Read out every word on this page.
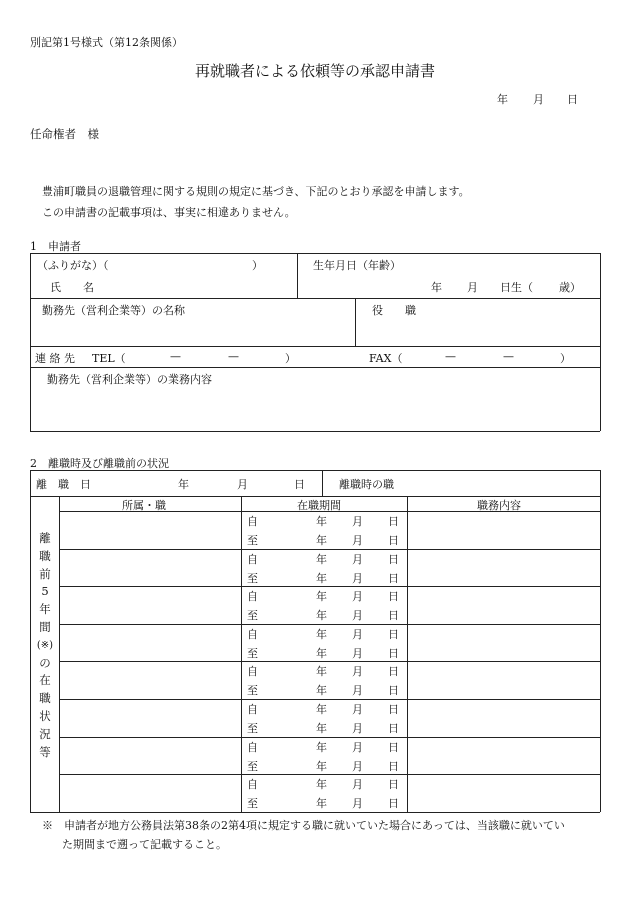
別記第1号様式（第12条関係）
再就職者による依頼等の承認申請書
年 月 日
任命権者　様
豊浦町職員の退職管理に関する規則の規定に基づき、下記のとおり承認を申請します。
この申請書の記載事項は、事実に相違ありません。
1　申請者
（ふりがな）（	）
氏　　名
生年月日（年齢）
年 月 日生（ 歳）
勤務先（営利企業等）の名称	役　　職
連 絡 先 TEL（	—	—	）	FAX（	—	—	）
勤務先（営利企業等）の業務内容
2　離職時及び離職前の状況
離　職　日	年	月	日	離職時の職
所属・職	在職期間	職務内容
離
職
前
5
年
間
(※)
の
在
職
状
況
等
自	年 月 日
至	年 月 日
自	年 月 日
至	年 月 日
自	年 月 日
至	年 月 日
自	年 月 日
至	年 月 日
自	年 月 日
至	年 月 日
自	年 月 日
至	年 月 日
自	年 月 日
至	年 月 日
自	年 月 日
至	年 月 日
※　申請者が地方公務員法第38条の2第4項に規定する職に就いていた場合にあっては、当該職に就いてい
た期間まで遡って記載すること。
